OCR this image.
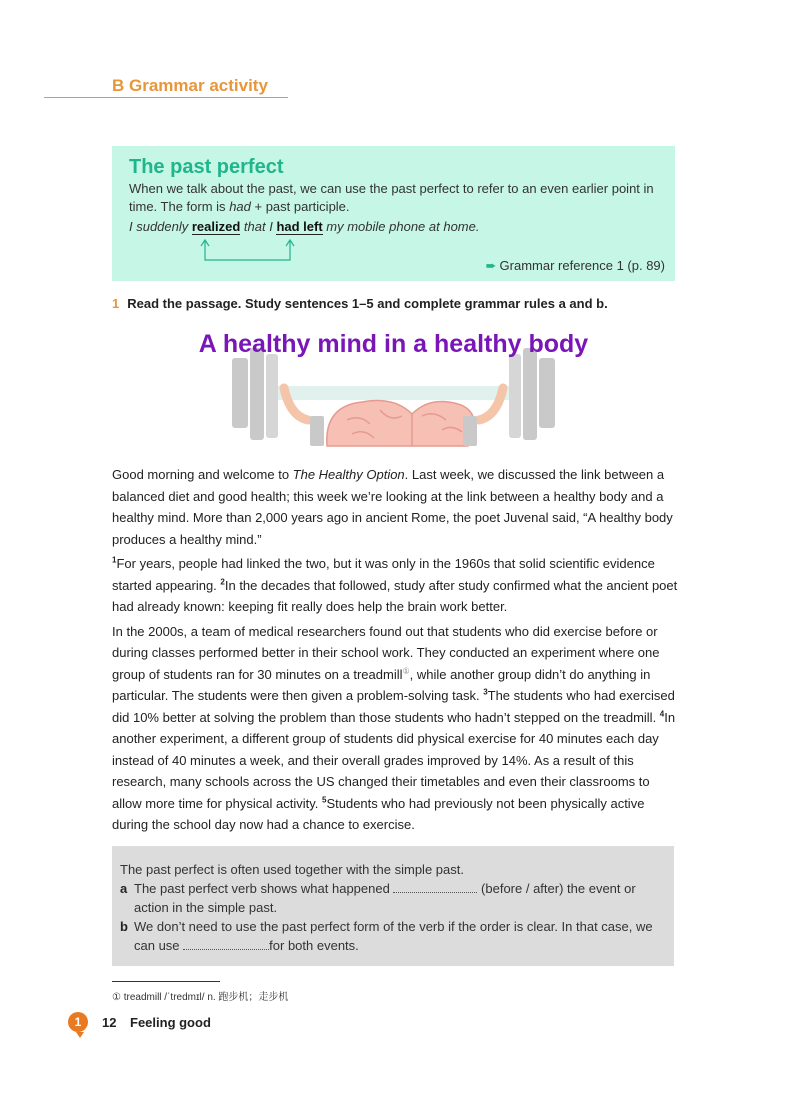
B Grammar activity
The past perfect
When we talk about the past, we can use the past perfect to refer to an even earlier point in time. The form is had + past participle.
I suddenly realized that I had left my mobile phone at home.
➨ Grammar reference 1 (p. 89)
1 Read the passage. Study sentences 1–5 and complete grammar rules a and b.
A healthy mind in a healthy body

Good morning and welcome to The Healthy Option. Last week, we discussed the link between a balanced diet and good health; this week we’re looking at the link between a healthy body and a healthy mind. More than 2,000 years ago in ancient Rome, the poet Juvenal said, “A healthy body produces a healthy mind.”

$^1$For years, people had linked the two, but it was only in the 1960s that solid scientific evidence started appearing. $^2$In the decades that followed, study after study confirmed what the ancient poet had already known: keeping fit really does help the brain work better.

In the 2000s, a team of medical researchers found out that students who did exercise before or during classes performed better in their school work. They conducted an experiment where one group of students ran for 30 minutes on a treadmill①, while another group didn’t do anything in particular. The students were then given a problem-solving task. $^3$The students who had exercised did 10% better at solving the problem than those students who hadn’t stepped on the treadmill. $^4$In another experiment, a different group of students did physical exercise for 40 minutes each day instead of 40 minutes a week, and their overall grades improved by 14%. As a result of this research, many schools across the US changed their timetables and even their classrooms to allow more time for physical activity. $^5$Students who had previously not been physically active during the school day now had a chance to exercise.

The past perfect is often used together with the simple past.
a The past perfect verb shows what happened	(before / after) the event or action in the simple past.
b We don’t need to use the past perfect form of the verb if the order is clear. In that case, we can use	for both events.
① treadmill /ˈtredmɪl/ n. 跑步机；走步机
1	12 Feeling good
